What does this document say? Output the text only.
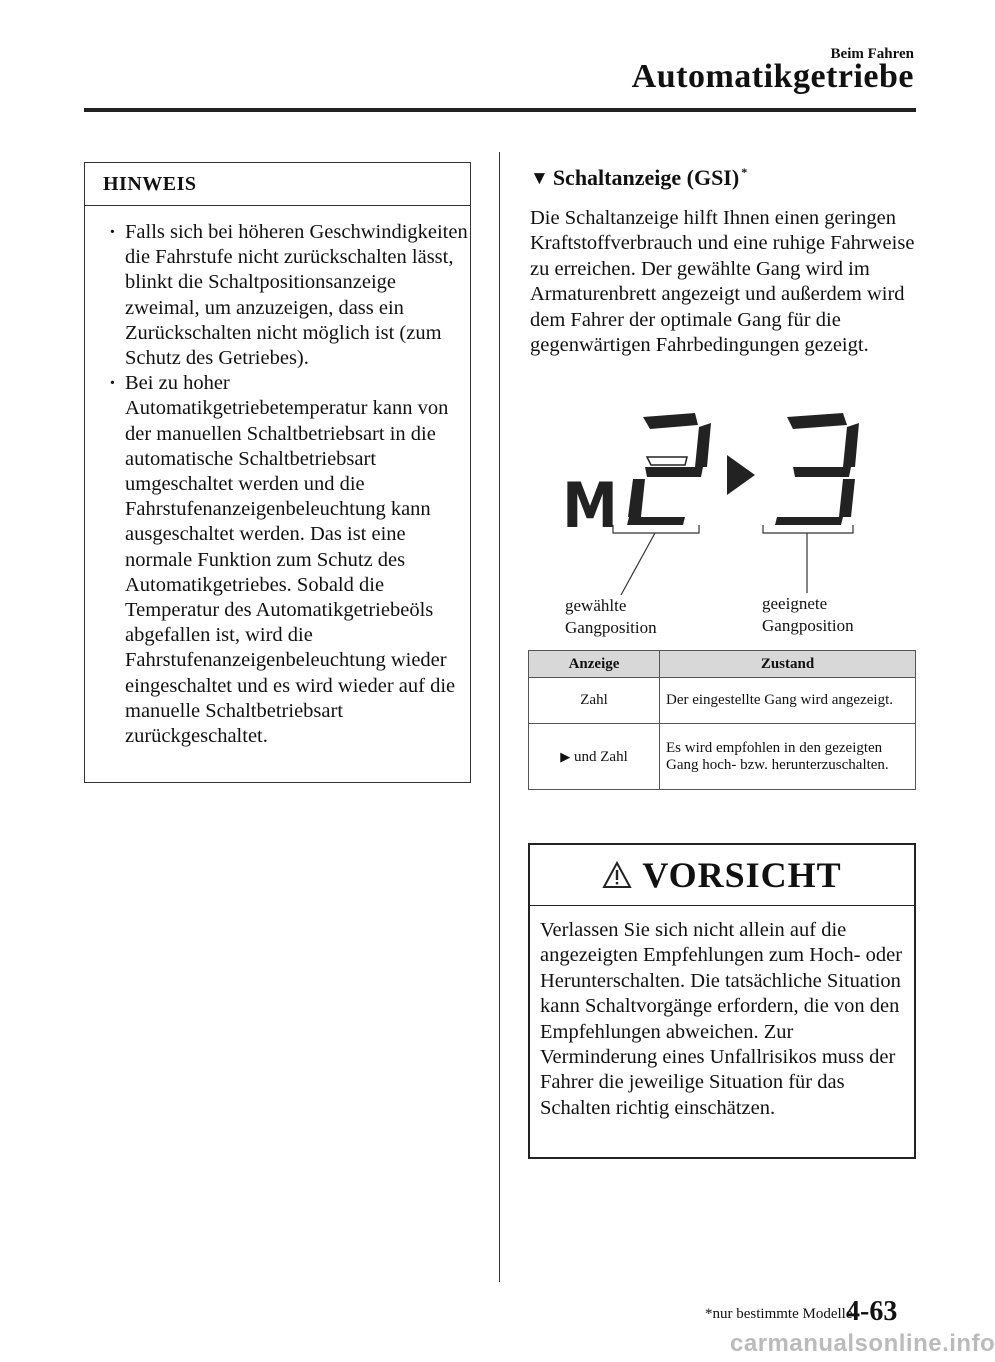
Beim Fahren
Automatikgetriebe
HINWEIS
· Falls sich bei höheren Geschwindigkeiten die Fahrstufe nicht zurückschalten lässt, blinkt die Schaltpositionsanzeige zweimal, um anzuzeigen, dass ein Zurückschalten nicht möglich ist (zum Schutz des Getriebes).
· Bei zu hoher Automatikgetriebetemperatur kann von der manuellen Schaltbetriebsart in die automatische Schaltbetriebsart umgeschaltet werden und die Fahrstufenanzeigenbeleuchtung kann ausgeschaltet werden. Das ist eine normale Funktion zum Schutz des Automatikgetriebes. Sobald die Temperatur des Automatikgetriebeöls abgefallen ist, wird die Fahrstufenanzeigenbeleuchtung wieder eingeschaltet und es wird wieder auf die manuelle Schaltbetriebsart zurückgeschaltet.
▼ Schaltanzeige (GSI)*
Die Schaltanzeige hilft Ihnen einen geringen Kraftstoffverbrauch und eine ruhige Fahrweise zu erreichen. Der gewählte Gang wird im Armaturenbrett angezeigt und außerdem wird dem Fahrer der optimale Gang für die gegenwärtigen Fahrbedingungen gezeigt.
M
gewählte
Gangposition
geeignete
Gangposition
Anzeige	Zustand
Zahl	Der eingestellte Gang wird angezeigt.
▶ und Zahl	Es wird empfohlen in den gezeigten Gang hoch- bzw. herunterzuschalten.
VORSICHT
Verlassen Sie sich nicht allein auf die angezeigten Empfehlungen zum Hoch- oder Herunterschalten. Die tatsächliche Situation kann Schaltvorgänge erfordern, die von den Empfehlungen abweichen. Zur Verminderung eines Unfallrisikos muss der Fahrer die jeweilige Situation für das Schalten richtig einschätzen.
*nur bestimmte Modelle
4-63
carmanualsonline.info
